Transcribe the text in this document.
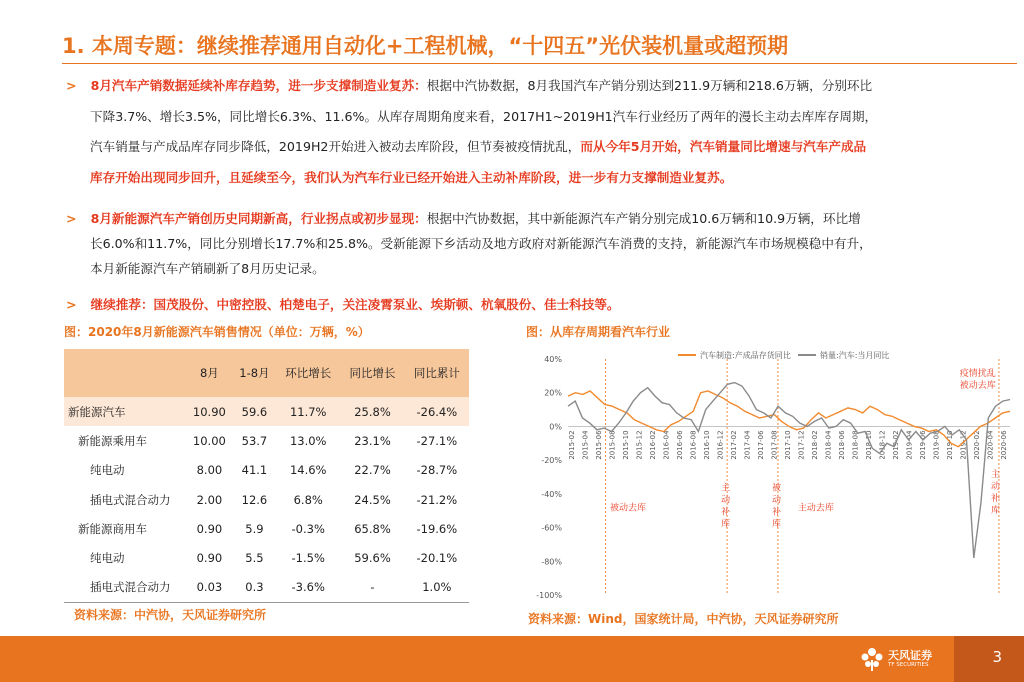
1. 本周专题：继续推荐通用自动化+工程机械，“十四五”光伏装机量或超预期
> 8月汽车产销数据延续补库存趋势，进一步支撑制造业复苏：根据中汽协数据，8月我国汽车产销分别达到211.9万辆和218.6万辆，分别环比
下降3.7%、增长3.5%，同比增长6.3%、11.6%。从库存周期角度来看，2017H1~2019H1汽车行业经历了两年的漫长主动去库库存周期，
汽车销量与产成品库存同步降低，2019H2开始进入被动去库阶段，但节奏被疫情扰乱，而从今年5月开始，汽车销量同比增速与汽车产成品
库存开始出现同步回升，且延续至今，我们认为汽车行业已经开始进入主动补库阶段，进一步有力支撑制造业复苏。
> 8月新能源汽车产销创历史同期新高，行业拐点或初步显现：根据中汽协数据，其中新能源汽车产销分别完成10.6万辆和10.9万辆，环比增
长6.0%和11.7%，同比分别增长17.7%和25.8%。受新能源下乡活动及地方政府对新能源汽车消费的支持，新能源汽车市场规模稳中有升，
本月新能源汽车产销刷新了8月历史记录。
> 继续推荐：国茂股份、中密控股、柏楚电子，关注凌霄泵业、埃斯顿、杭氧股份、佳士科技等。
图：2020年8月新能源汽车销售情况（单位：万辆，%）	图：从库存周期看汽车行业
	8月	1-8月	环比增长	同比增长	同比累计
新能源汽车	10.90	59.6	11.7%	25.8%	-26.4%
新能源乘用车	10.00	53.7	13.0%	23.1%	-27.1%
纯电动	8.00	41.1	14.6%	22.7%	-28.7%
插电式混合动力	2.00	12.6	6.8%	24.5%	-21.2%
新能源商用车	0.90	5.9	-0.3%	65.8%	-19.6%
纯电动	0.90	5.5	-1.5%	59.6%	-20.1%
插电式混合动力	0.03	0.3	-3.6%	-	1.0%
资料来源：中汽协，天风证券研究所
40%
20%
0%
-20%
-40%
-60%
-80%
-100%
2015-02 2015-04 2015-06 2015-08 2015-10 2015-12 2016-02 2016-04 2016-06 2016-08 2016-10 2016-12 2017-02 2017-04 2017-06 2017-08 2017-10 2017-12 2018-02 2018-04 2018-06 2018-08 2018-10 2018-12 2019-02 2019-04 2019-06 2019-08 2019-10 2019-12 2020-02 2020-04 2020-06
汽车制造:产成品存货同比	销量:汽车:当月同比
被动去库
主
动
补
库
被
动
补
库
主动去库
疫情扰乱
被动去库
主
动
补
库
资料来源：Wind，国家统计局，中汽协，天风证券研究所
天风证券
TF SECURITIES	3
